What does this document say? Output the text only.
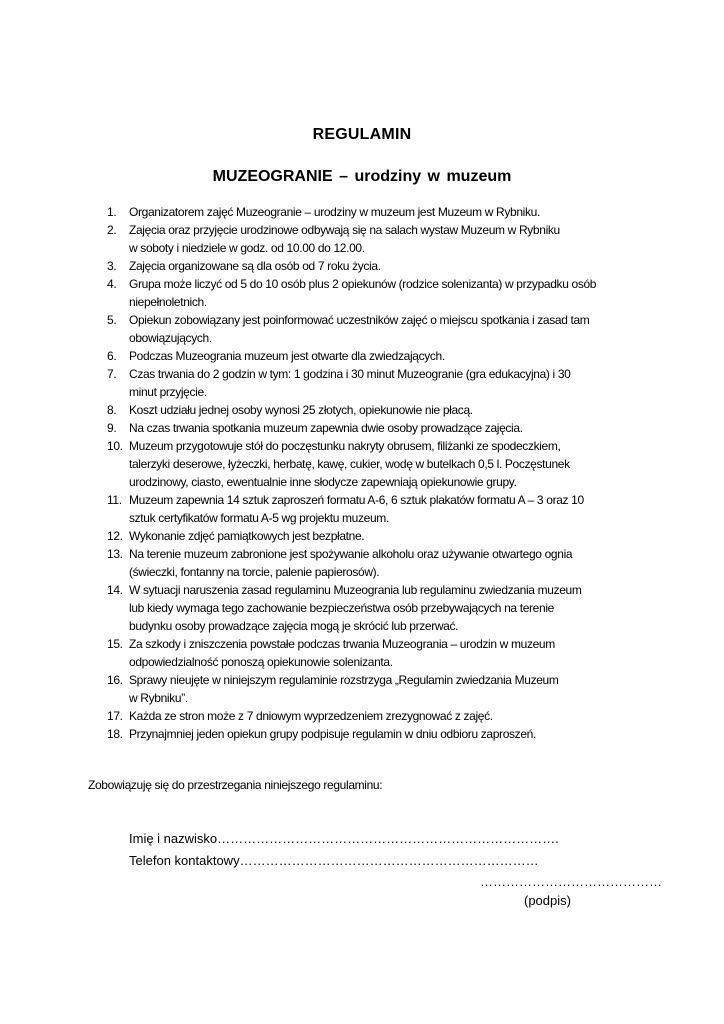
REGULAMIN
MUZEOGRANIE – urodziny w muzeum
1. Organizatorem zajęć Muzeogranie – urodziny w muzeum jest Muzeum w Rybniku.
2. Zajęcia oraz przyjęcie urodzinowe odbywają się na salach wystaw Muzeum w Rybniku
w soboty i niedziele w godz. od 10.00 do 12.00.
3. Zajęcia organizowane są dla osób od 7 roku życia.
4. Grupa może liczyć od 5 do 10 osób plus 2 opiekunów (rodzice solenizanta) w przypadku osób
niepełnoletnich.
5. Opiekun zobowiązany jest poinformować uczestników zajęć o miejscu spotkania i zasad tam
obowiązujących.
6. Podczas Muzeogrania muzeum jest otwarte dla zwiedzających.
7. Czas trwania do 2 godzin w tym: 1 godzina i 30 minut Muzeogranie (gra edukacyjna) i 30
minut przyjęcie.
8. Koszt udziału jednej osoby wynosi 25 złotych, opiekunowie nie płacą.
9. Na czas trwania spotkania muzeum zapewnia dwie osoby prowadzące zajęcia.
10. Muzeum przygotowuje stół do poczęstunku nakryty obrusem, filiżanki ze spodeczkiem,
talerzyki deserowe, łyżeczki, herbatę, kawę, cukier, wodę w butelkach 0,5 l. Poczęstunek
urodzinowy, ciasto, ewentualnie inne słodycze zapewniają opiekunowie grupy.
11. Muzeum zapewnia 14 sztuk zaproszeń formatu A-6, 6 sztuk plakatów formatu A – 3 oraz 10
sztuk certyfikatów formatu A-5 wg projektu muzeum.
12. Wykonanie zdjęć pamiątkowych jest bezpłatne.
13. Na terenie muzeum zabronione jest spożywanie alkoholu oraz używanie otwartego ognia
(świeczki, fontanny na torcie, palenie papierosów).
14. W sytuacji naruszenia zasad regulaminu Muzeogrania lub regulaminu zwiedzania muzeum
lub kiedy wymaga tego zachowanie bezpieczeństwa osób przebywających na terenie
budynku osoby prowadzące zajęcia mogą je skrócić lub przerwać.
15. Za szkody i zniszczenia powstałe podczas trwania Muzeogrania – urodzin w muzeum
odpowiedzialność ponoszą opiekunowie solenizanta.
16. Sprawy nieujęte w niniejszym regulaminie rozstrzyga „Regulamin zwiedzania Muzeum
w Rybniku”.
17. Każda ze stron może z 7 dniowym wyprzedzeniem zrezygnować z zajęć.
18. Przynajmniej jeden opiekun grupy podpisuje regulamin w dniu odbioru zaproszeń.
Zobowiązuję się do przestrzegania niniejszego regulaminu:
Imię i nazwisko…………………………………………………………………….
Telefon kontaktowy……………………………………………………………
……………………………………
(podpis)
